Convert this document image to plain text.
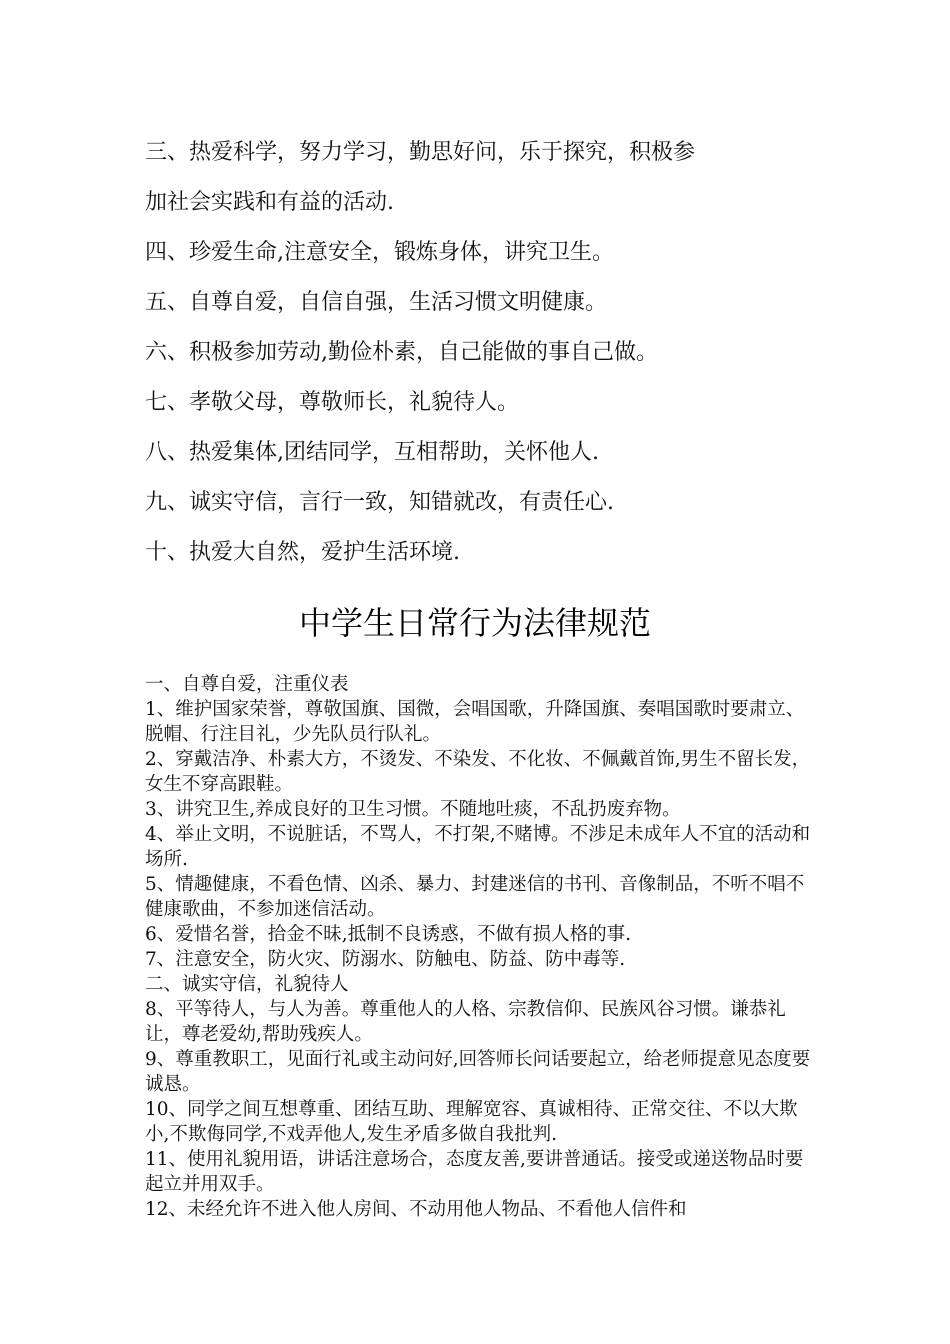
三、热爱科学，努力学习，勤思好问，乐于探究，积极参

加社会实践和有益的活动.

四、珍爱生命,注意安全，锻炼身体，讲究卫生。

五、自尊自爱，自信自强，生活习惯文明健康。

六、积极参加劳动,勤俭朴素，自己能做的事自己做。

七、孝敬父母，尊敬师长，礼貌待人。

八、热爱集体,团结同学，互相帮助，关怀他人.

九、诚实守信，言行一致，知错就改，有责任心.

十、执爱大自然，爱护生活环境.

中学生日常行为法律规范

一、自尊自爱，注重仪表

1、维护国家荣誉，尊敬国旗、国微，会唱国歌，升降国旗、奏唱国歌时要肃立、脱帽、行注目礼，少先队员行队礼。

2、穿戴洁净、朴素大方，不烫发、不染发、不化妆、不佩戴首饰,男生不留长发，女生不穿高跟鞋。

3、讲究卫生,养成良好的卫生习惯。不随地吐痰，不乱扔废弃物。

4、举止文明，不说脏话，不骂人，不打架,不赌博。不涉足未成年人不宜的活动和场所.

5、情趣健康，不看色情、凶杀、暴力、封建迷信的书刊、音像制品，不听不唱不健康歌曲，不参加迷信活动。

6、爱惜名誉，拾金不昧,抵制不良诱惑，不做有损人格的事.

7、注意安全，防火灾、防溺水、防触电、防益、防中毒等.

二、诚实守信，礼貌待人

8、平等待人，与人为善。尊重他人的人格、宗教信仰、民族风谷习惯。谦恭礼让，尊老爱幼,帮助残疾人。

9、尊重教职工，见面行礼或主动问好,回答师长问话要起立，给老师提意见态度要诚恳。

10、同学之间互想尊重、团结互助、理解宽容、真诚相待、正常交往、不以大欺小,不欺侮同学,不戏弄他人,发生矛盾多做自我批判.

11、使用礼貌用语，讲话注意场合，态度友善,要讲普通话。接受或递送物品时要起立并用双手。

12、未经允许不进入他人房间、不动用他人物品、不看他人信件和
